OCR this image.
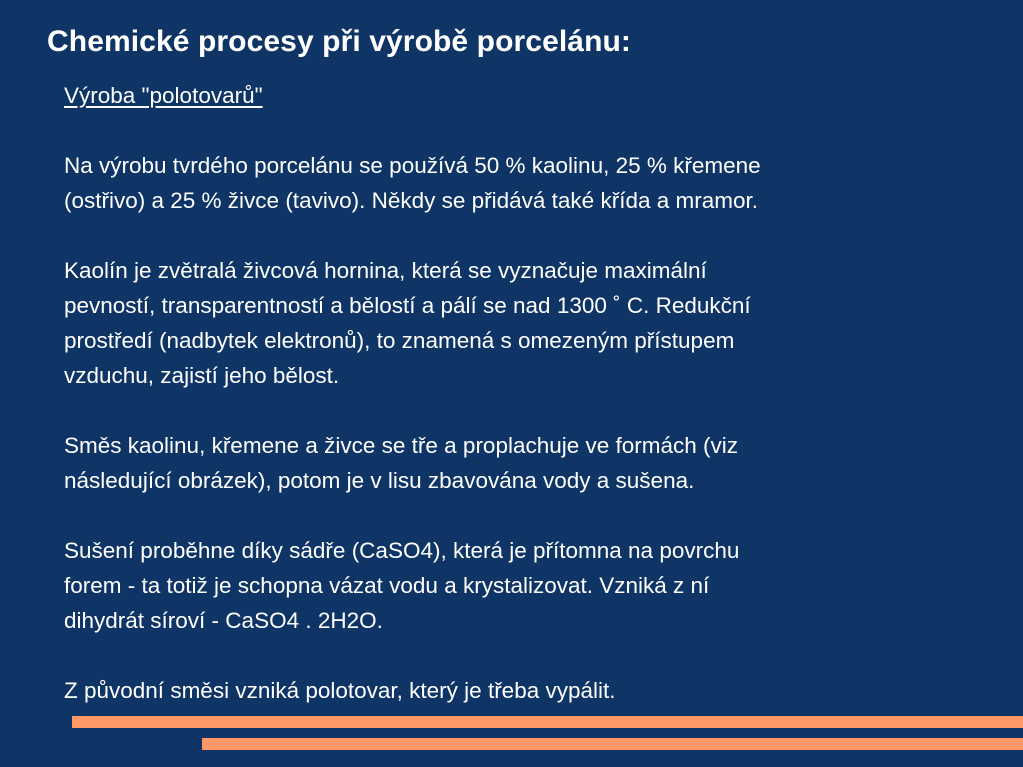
Chemické procesy při výrobě porcelánu:
Výroba "polotovarů"
Na výrobu tvrdého porcelánu se používá 50 % kaolinu, 25 % křemene
(ostřivo) a 25 % živce (tavivo). Někdy se přidává také křída a mramor.
Kaolín je zvětralá živcová hornina, která se vyznačuje maximální
pevností, transparentností a bělostí a pálí se nad 1300 ˚ C. Redukční
prostředí (nadbytek elektronů), to znamená s omezeným přístupem
vzduchu, zajistí jeho bělost.
Směs kaolinu, křemene a živce se tře a proplachuje ve formách (viz
následující obrázek), potom je v lisu zbavována vody a sušena.
Sušení proběhne díky sádře (CaSO4), která je přítomna na povrchu
forem - ta totiž je schopna vázat vodu a krystalizovat. Vzniká z ní
dihydrát síroví - CaSO4 . 2H2O.
Z původní směsi vzniká polotovar, který je třeba vypálit.
